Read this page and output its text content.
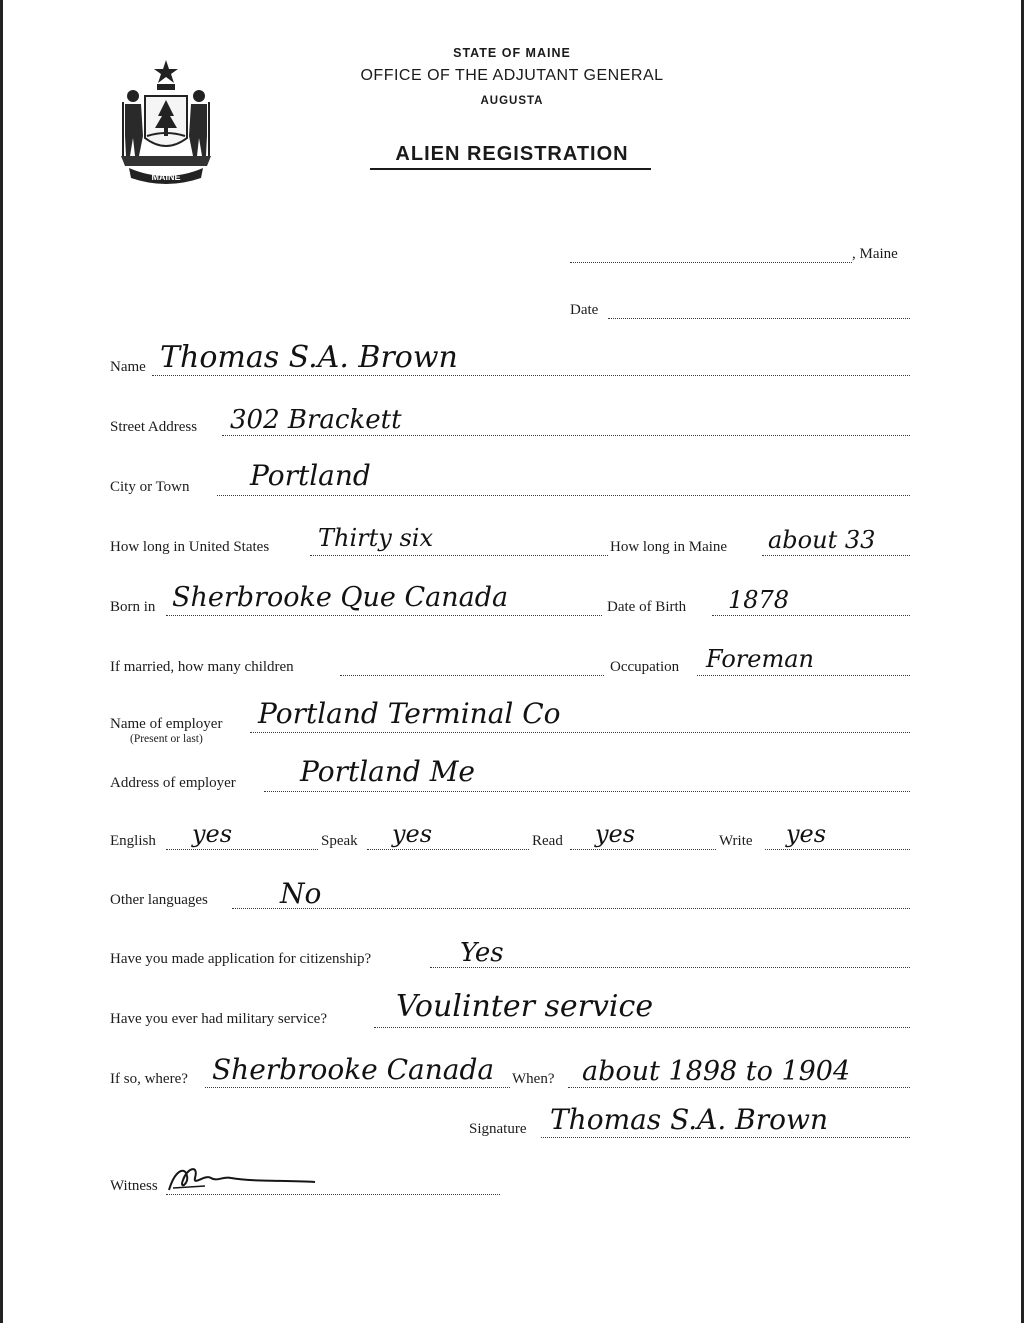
MAINE
STATE OF MAINE
OFFICE OF THE ADJUTANT GENERAL
AUGUSTA
ALIEN REGISTRATION
, Maine
Date
Name Thomas S.A. Brown
Street Address 302 Brackett
City or Town Portland
How long in United States Thirty six	How long in Maine about 33
Born in Sherbrooke Que Canada	Date of Birth 1878
If married, how many children	Occupation Foreman
Name of employer
(Present or last)
Portland Terminal Co
Address of employer Portland Me
English yes	Speak yes	Read yes	Write yes
Other languages	No
Have you made application for citizenship?	Yes
Have you ever had military service? Voulinter service
If so, where? Sherbrooke Canada When? about 1898 to 1904
Signature Thomas S.A. Brown
Witness
